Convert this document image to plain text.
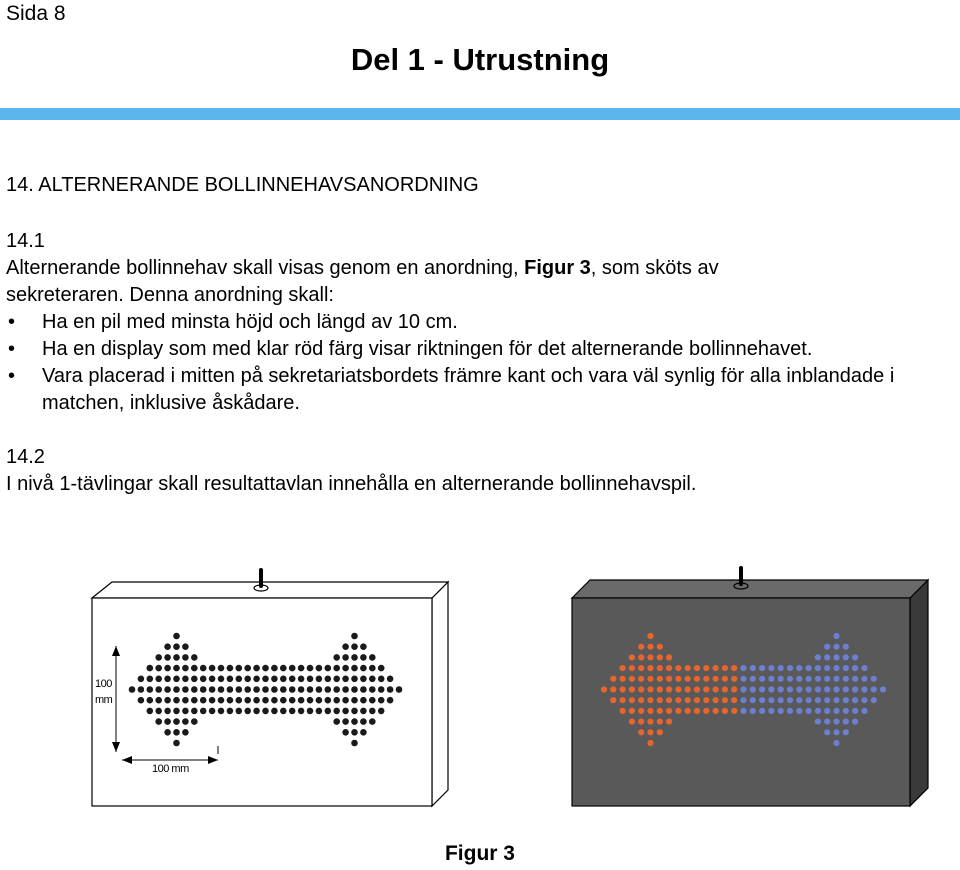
Sida 8
Del 1 - Utrustning
14. ALTERNERANDE BOLLINNEHAVSANORDNING
14.1
Alternerande bollinnehav skall visas genom en anordning, Figur 3, som sköts av
sekreteraren. Denna anordning skall:
• Ha en pil med minsta höjd och längd av 10 cm.
• Ha en display som med klar röd färg visar riktningen för det alternerande bollinnehavet.
• Vara placerad i mitten på sekretariatsbordets främre kant och vara väl synlig för alla inblandade i matchen, inklusive åskådare.
14.2
I nivå 1-tävlingar skall resultattavlan innehålla en alternerande bollinnehavspil.
100
mm
100 mm
Figur 3
